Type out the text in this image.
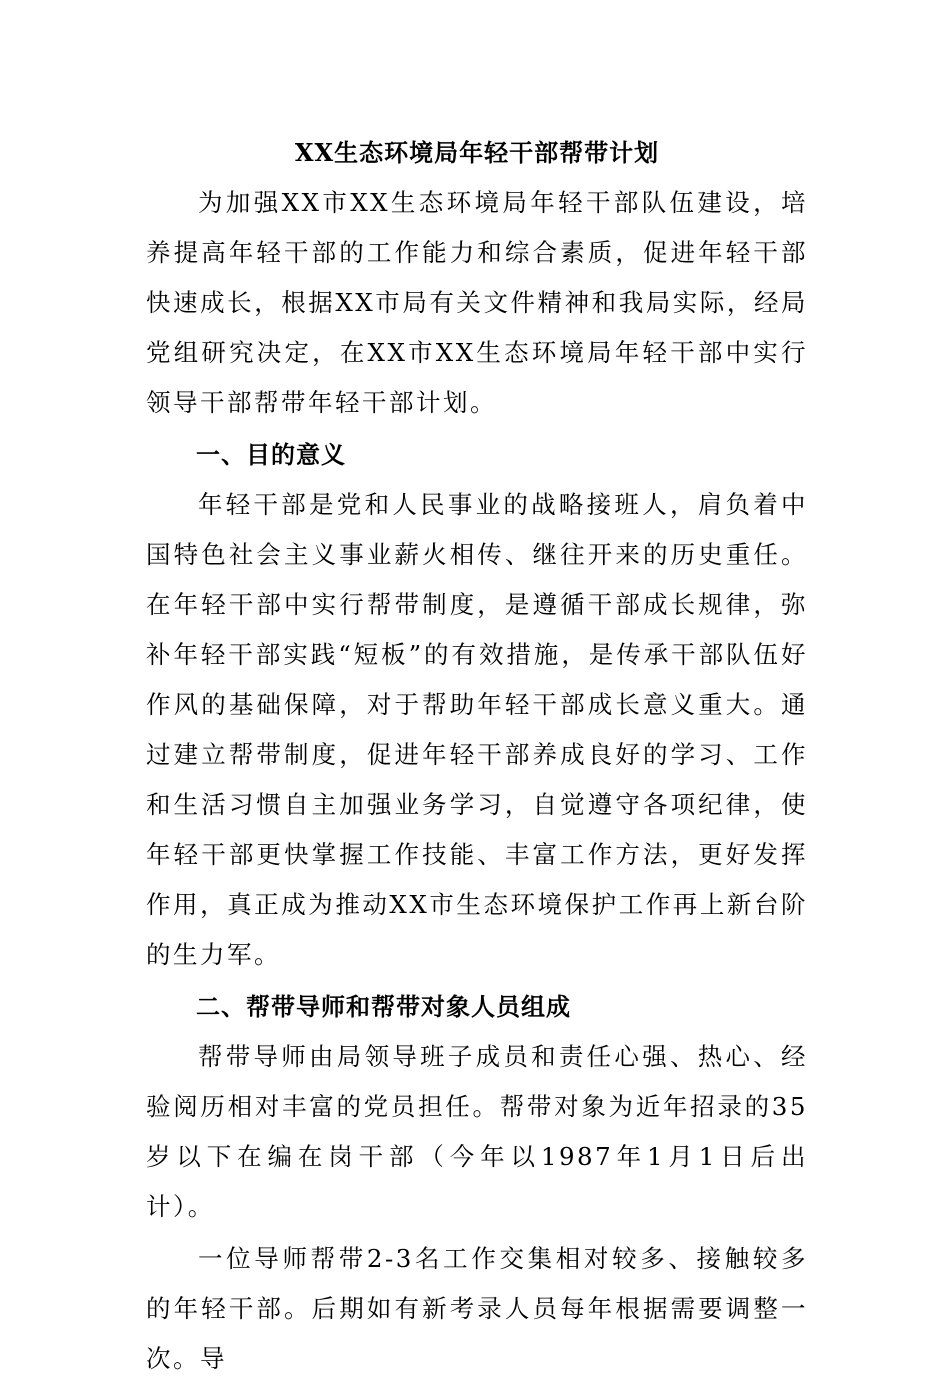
XX生态环境局年轻干部帮带计划

为加强XX市XX生态环境局年轻干部队伍建设，培养提高年轻干部的工作能力和综合素质，促进年轻干部快速成长，根据XX市局有关文件精神和我局实际，经局党组研究决定，在XX市XX生态环境局年轻干部中实行领导干部帮带年轻干部计划。

一、目的意义

年轻干部是党和人民事业的战略接班人，肩负着中国特色社会主义事业薪火相传、继往开来的历史重任。在年轻干部中实行帮带制度，是遵循干部成长规律，弥补年轻干部实践“短板”的有效措施，是传承干部队伍好作风的基础保障，对于帮助年轻干部成长意义重大。通过建立帮带制度，促进年轻干部养成良好的学习、工作和生活习惯自主加强业务学习，自觉遵守各项纪律，使年轻干部更快掌握工作技能、丰富工作方法，更好发挥作用，真正成为推动XX市生态环境保护工作再上新台阶的生力军。

二、帮带导师和帮带对象人员组成

帮带导师由局领导班子成员和责任心强、热心、经验阅历相对丰富的党员担任。帮带对象为近年招录的35岁以下在编在岗干部（今年以1987年1月1日后出计）。

一位导师帮带2-3名工作交集相对较多、接触较多的年轻干部。后期如有新考录人员每年根据需要调整一次。导
